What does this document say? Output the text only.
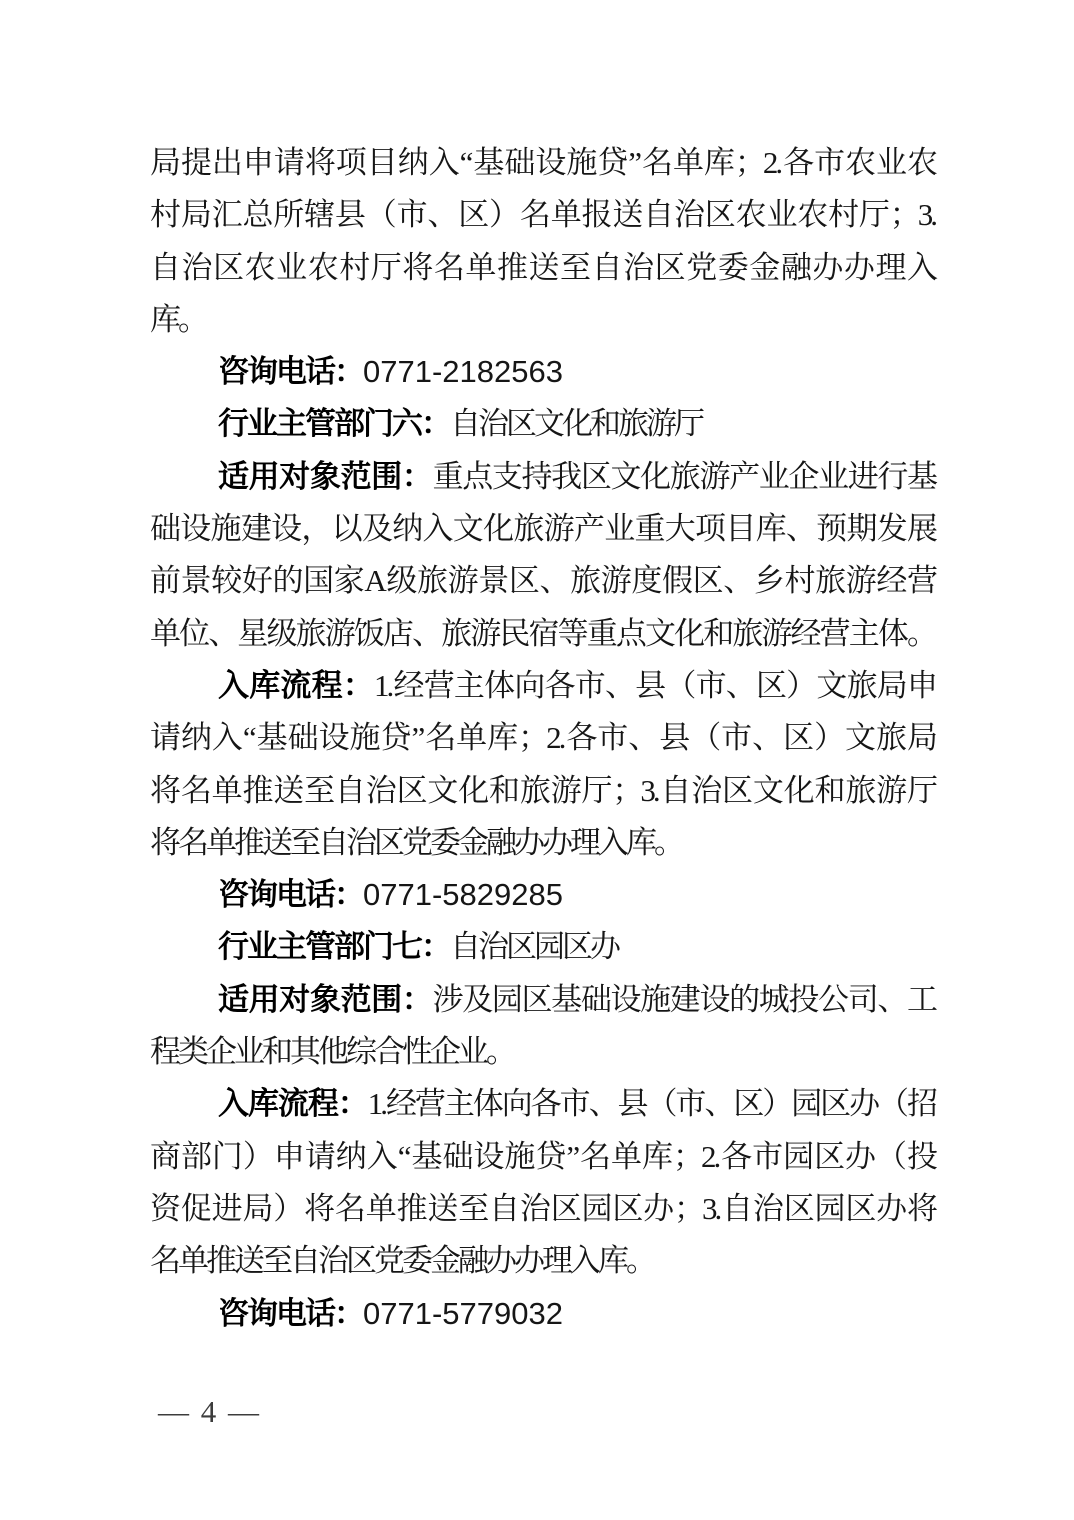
局提出申请将项目纳入“基础设施贷”名单库；2.各市农业农
村局汇总所辖县（市、区）名单报送自治区农业农村厅；3.
自治区农业农村厅将名单推送至自治区党委金融办办理入
库。
咨询电话：0771-2182563
行业主管部门六：自治区文化和旅游厅
适用对象范围：重点支持我区文化旅游产业企业进行基
础设施建设，以及纳入文化旅游产业重大项目库、预期发展
前景较好的国家A级旅游景区、旅游度假区、乡村旅游经营
单位、星级旅游饭店、旅游民宿等重点文化和旅游经营主体。
入库流程：1.经营主体向各市、县（市、区）文旅局申
请纳入“基础设施贷”名单库；2.各市、县（市、区）文旅局
将名单推送至自治区文化和旅游厅；3.自治区文化和旅游厅
将名单推送至自治区党委金融办办理入库。
咨询电话：0771-5829285
行业主管部门七：自治区园区办
适用对象范围：涉及园区基础设施建设的城投公司、工
程类企业和其他综合性企业。
入库流程：1.经营主体向各市、县（市、区）园区办（招
商部门）申请纳入“基础设施贷”名单库；2.各市园区办（投
资促进局）将名单推送至自治区园区办；3.自治区园区办将
名单推送至自治区党委金融办办理入库。
咨询电话：0771-5779032
— 4 —
